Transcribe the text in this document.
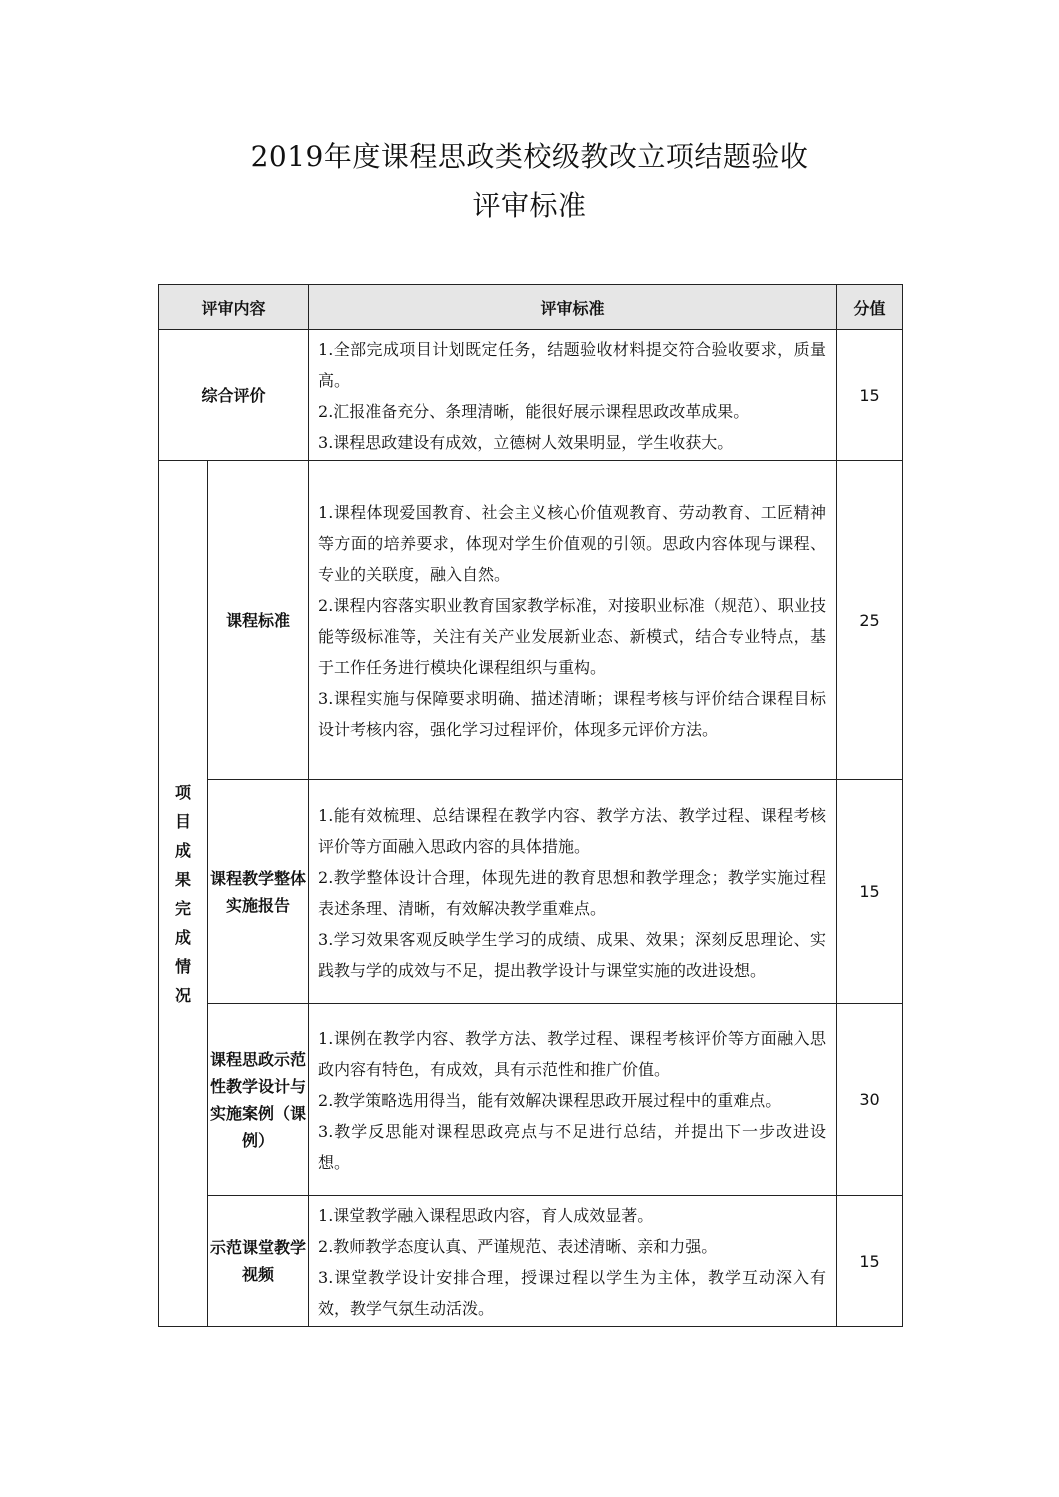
2019年度课程思政类校级教改立项结题验收
评审标准
评审内容		评审标准	分值
综合评价		1.全部完成项目计划既定任务，结题验收材料提交符合验收要求，质量高。
2.汇报准备充分、条理清晰，能很好展示课程思政改革成果。
3.课程思政建设有成效，立德树人效果明显，学生收获大。	15
项目成果完成情况	课程标准	1.课程体现爱国教育、社会主义核心价值观教育、劳动教育、工匠精神等方面的培养要求，体现对学生价值观的引领。思政内容体现与课程、专业的关联度，融入自然。
2.课程内容落实职业教育国家教学标准，对接职业标准（规范）、职业技能等级标准等，关注有关产业发展新业态、新模式，结合专业特点，基于工作任务进行模块化课程组织与重构。
3.课程实施与保障要求明确、描述清晰；课程考核与评价结合课程目标设计考核内容，强化学习过程评价，体现多元评价方法。	25
	课程教学整体实施报告	1.能有效梳理、总结课程在教学内容、教学方法、教学过程、课程考核评价等方面融入思政内容的具体措施。
2.教学整体设计合理，体现先进的教育思想和教学理念；教学实施过程表述条理、清晰，有效解决教学重难点。
3.学习效果客观反映学生学习的成绩、成果、效果；深刻反思理论、实践教与学的成效与不足，提出教学设计与课堂实施的改进设想。	15
	课程思政示范性教学设计与实施案例（课例）	1.课例在教学内容、教学方法、教学过程、课程考核评价等方面融入思政内容有特色，有成效，具有示范性和推广价值。
2.教学策略选用得当，能有效解决课程思政开展过程中的重难点。
3.教学反思能对课程思政亮点与不足进行总结，并提出下一步改进设想。	30
	示范课堂教学视频	1.课堂教学融入课程思政内容，育人成效显著。
2.教师教学态度认真、严谨规范、表述清晰、亲和力强。
3.课堂教学设计安排合理，授课过程以学生为主体，教学互动深入有效，教学气氛生动活泼。	15
